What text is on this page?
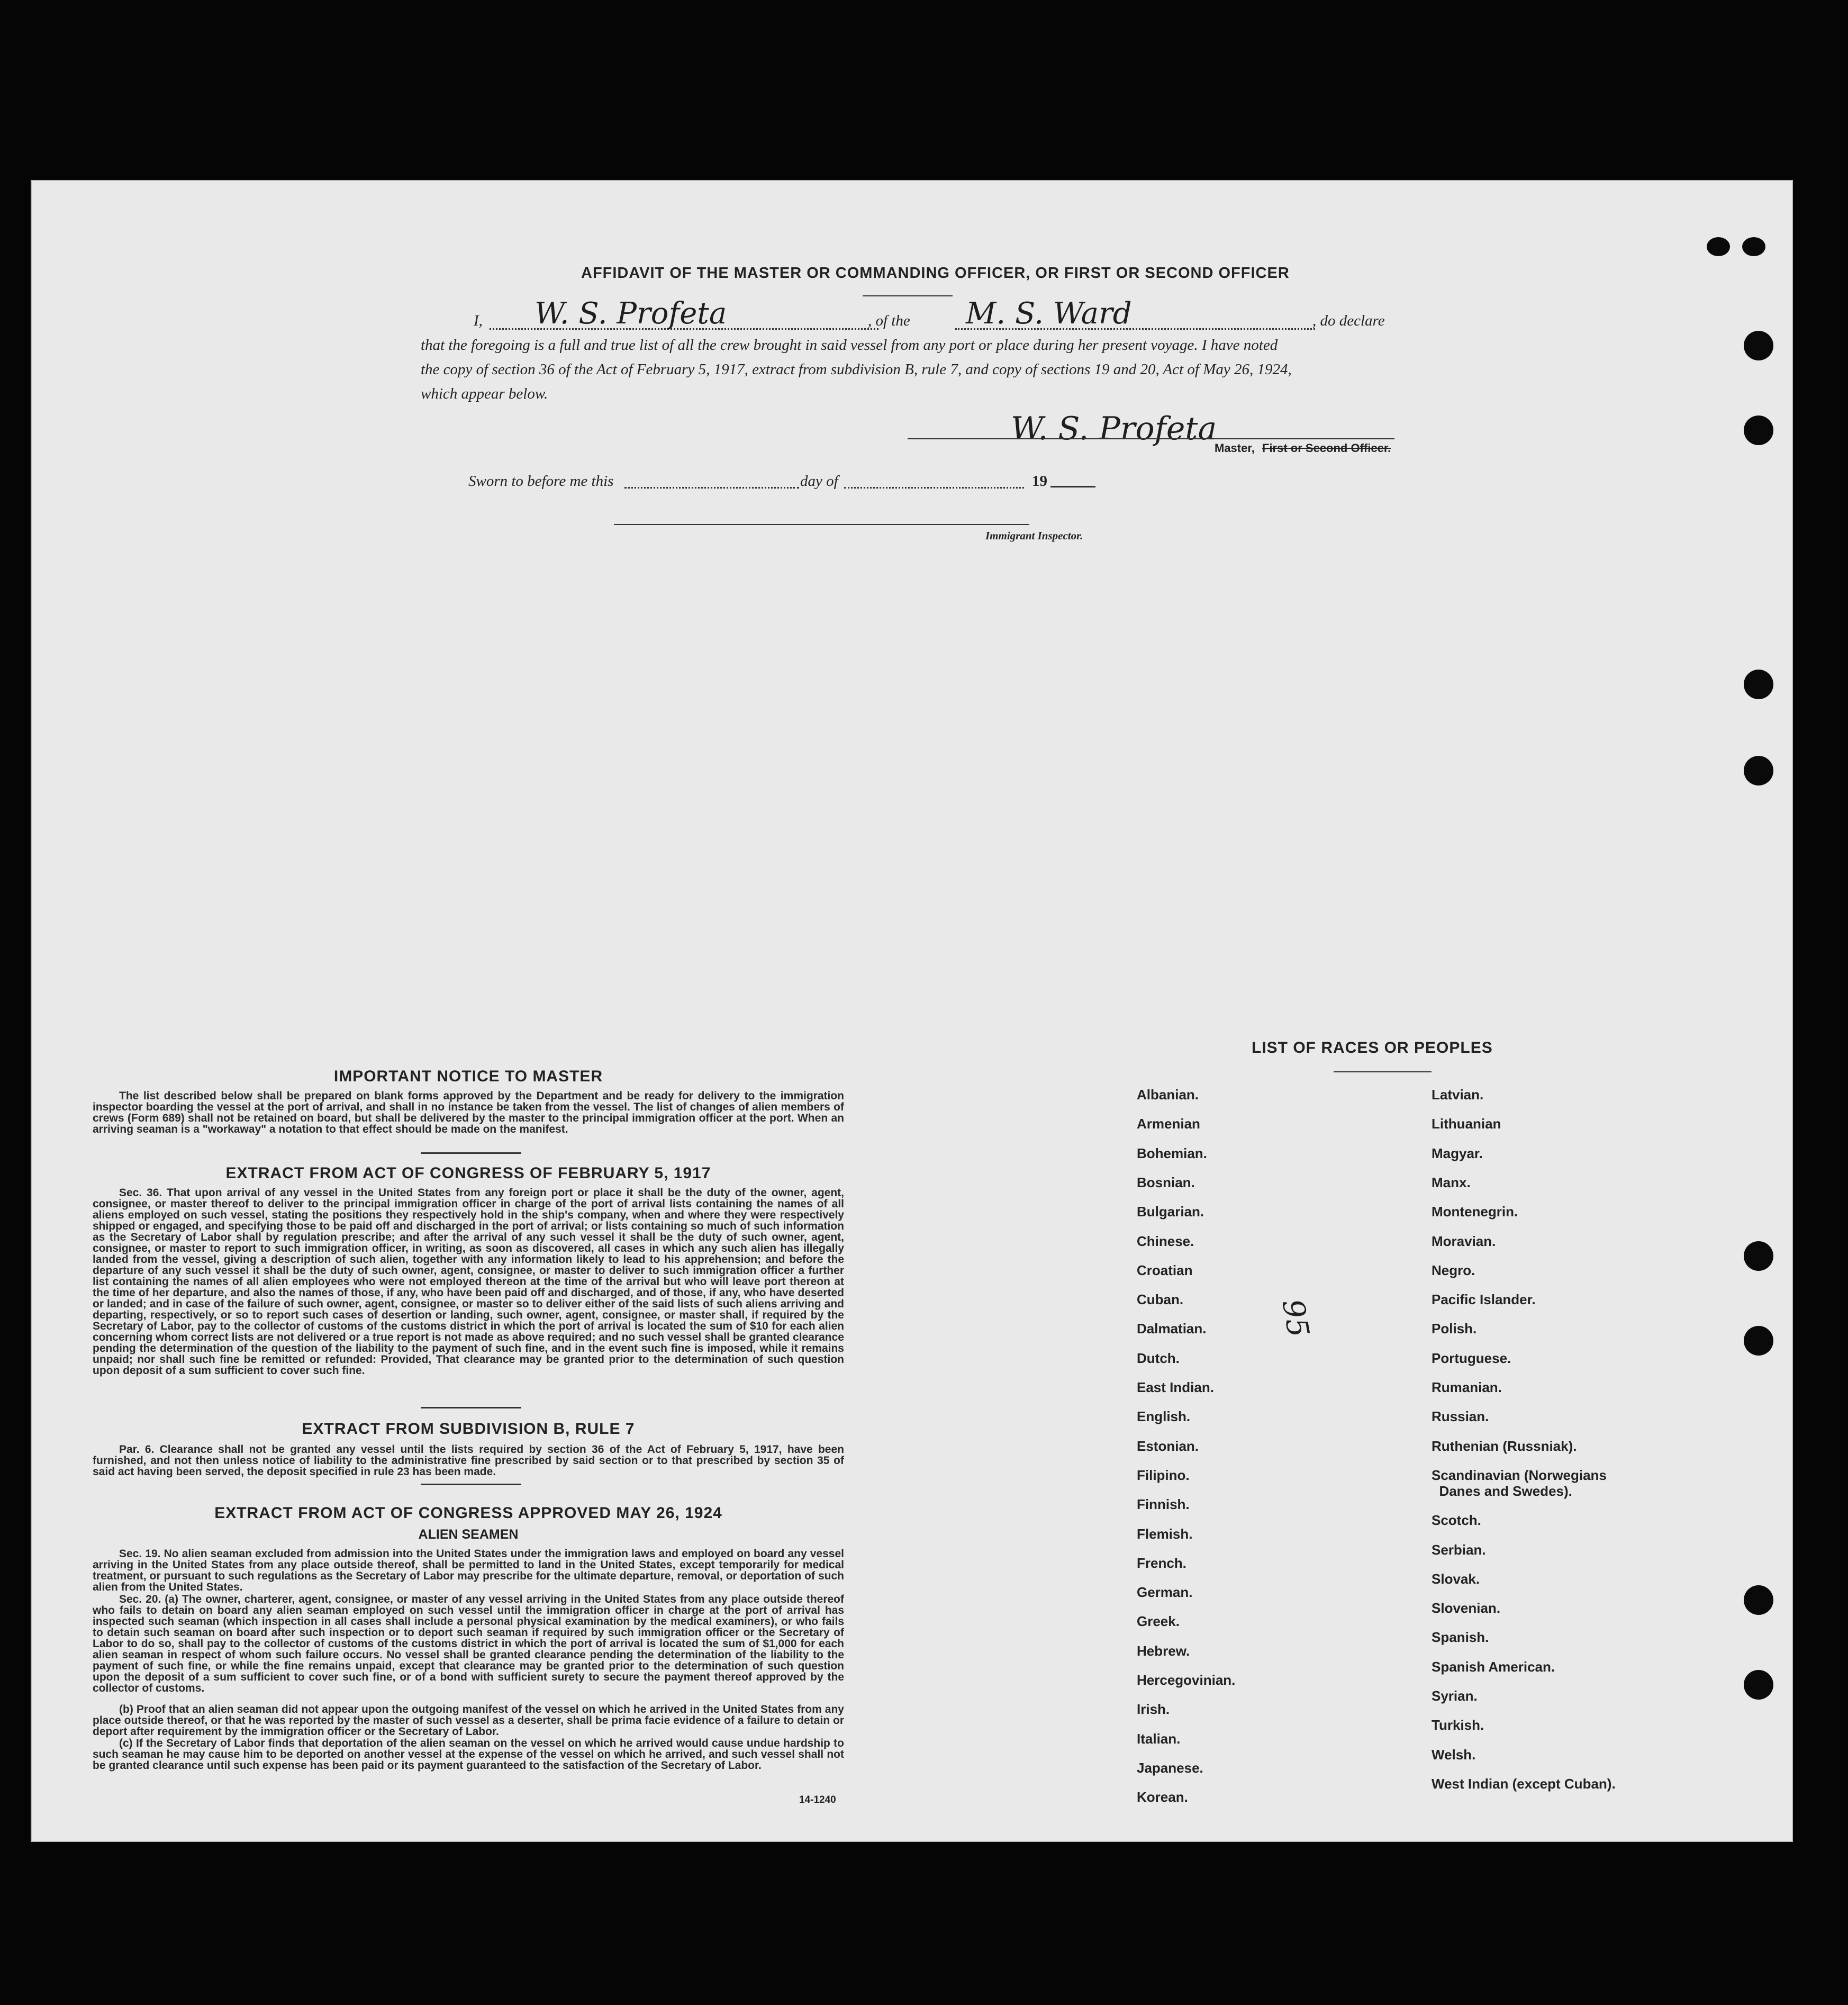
AFFIDAVIT OF THE MASTER OR COMMANDING OFFICER, OR FIRST OR SECOND OFFICER
I, W. S. Profeta	, of the M. S. Ward	, do declare
that the foregoing is a full and true list of all the crew brought in said vessel from any port or place during her present voyage. I have noted
the copy of section 36 of the Act of February 5, 1917, extract from subdivision B, rule 7, and copy of sections 19 and 20, Act of May 26, 1924,
which appear below.
W. S. Profeta
Master, First or Second Officer.
Sworn to before me this	day of	19
Immigrant Inspector.
IMPORTANT NOTICE TO MASTER
The list described below shall be prepared on blank forms approved by the Department and be ready for delivery to the immigration inspector boarding the vessel at the port of arrival, and shall in no instance be taken from the vessel. The list of changes of alien members of crews (Form 689) shall not be retained on board, but shall be delivered by the master to the principal immigration officer at the port. When an arriving seaman is a "workaway" a notation to that effect should be made on the manifest.
EXTRACT FROM ACT OF CONGRESS OF FEBRUARY 5, 1917
Sec. 36. That upon arrival of any vessel in the United States from any foreign port or place it shall be the duty of the owner, agent, consignee, or master thereof to deliver to the principal immigration officer in charge of the port of arrival lists containing the names of all aliens employed on such vessel, stating the positions they respectively hold in the ship's company, when and where they were respectively shipped or engaged, and specifying those to be paid off and discharged in the port of arrival; or lists containing so much of such information as the Secretary of Labor shall by regulation prescribe; and after the arrival of any such vessel it shall be the duty of such owner, agent, consignee, or master to report to such immigration officer, in writing, as soon as discovered, all cases in which any such alien has illegally landed from the vessel, giving a description of such alien, together with any information likely to lead to his apprehension; and before the departure of any such vessel it shall be the duty of such owner, agent, consignee, or master to deliver to such immigration officer a further list containing the names of all alien employees who were not employed thereon at the time of the arrival but who will leave port thereon at the time of her departure, and also the names of those, if any, who have been paid off and discharged, and of those, if any, who have deserted or landed; and in case of the failure of such owner, agent, consignee, or master so to deliver either of the said lists of such aliens arriving and departing, respectively, or so to report such cases of desertion or landing, such owner, agent, consignee, or master shall, if required by the Secretary of Labor, pay to the collector of customs of the customs district in which the port of arrival is located the sum of $10 for each alien concerning whom correct lists are not delivered or a true report is not made as above required; and no such vessel shall be granted clearance pending the determination of the question of the liability to the payment of such fine, and in the event such fine is imposed, while it remains unpaid; nor shall such fine be remitted or refunded: Provided, That clearance may be granted prior to the determination of such question upon deposit of a sum sufficient to cover such fine.
EXTRACT FROM SUBDIVISION B, RULE 7
Par. 6. Clearance shall not be granted any vessel until the lists required by section 36 of the Act of February 5, 1917, have been furnished, and not then unless notice of liability to the administrative fine prescribed by said section or to that prescribed by section 35 of said act having been served, the deposit specified in rule 23 has been made.
EXTRACT FROM ACT OF CONGRESS APPROVED MAY 26, 1924
ALIEN SEAMEN
Sec. 19. No alien seaman excluded from admission into the United States under the immigration laws and employed on board any vessel arriving in the United States from any place outside thereof, shall be permitted to land in the United States, except temporarily for medical treatment, or pursuant to such regulations as the Secretary of Labor may prescribe for the ultimate departure, removal, or deportation of such alien from the United States.
Sec. 20. (a) The owner, charterer, agent, consignee, or master of any vessel arriving in the United States from any place outside thereof who fails to detain on board any alien seaman employed on such vessel until the immigration officer in charge at the port of arrival has inspected such seaman (which inspection in all cases shall include a personal physical examination by the medical examiners), or who fails to detain such seaman on board after such inspection or to deport such seaman if required by such immigration officer or the Secretary of Labor to do so, shall pay to the collector of customs of the customs district in which the port of arrival is located the sum of $1,000 for each alien seaman in respect of whom such failure occurs. No vessel shall be granted clearance pending the determination of the liability to the payment of such fine, or while the fine remains unpaid, except that clearance may be granted prior to the determination of such question upon the deposit of a sum sufficient to cover such fine, or of a bond with sufficient surety to secure the payment thereof approved by the collector of customs.
(b) Proof that an alien seaman did not appear upon the outgoing manifest of the vessel on which he arrived in the United States from any place outside thereof, or that he was reported by the master of such vessel as a deserter, shall be prima facie evidence of a failure to detain or deport after requirement by the immigration officer or the Secretary of Labor.
(c) If the Secretary of Labor finds that deportation of the alien seaman on the vessel on which he arrived would cause undue hardship to such seaman he may cause him to be deported on another vessel at the expense of the vessel on which he arrived, and such vessel shall not be granted clearance until such expense has been paid or its payment guaranteed to the satisfaction of the Secretary of Labor.
14-1240
LIST OF RACES OR PEOPLES
Albanian.
Armenian
Bohemian.
Bosnian.
Bulgarian.
Chinese.
Croatian
Cuban.
Dalmatian.
Dutch.
East Indian.
English.
Estonian.
Filipino.
Finnish.
Flemish.
French.
German.
Greek.
Hebrew.
Hercegovinian.
Irish.
Italian.
Japanese.
Korean.
Latvian.
Lithuanian
Magyar.
Manx.
Montenegrin.
Moravian.
Negro.
Pacific Islander.
Polish.
Portuguese.
Rumanian.
Russian.
Ruthenian (Russniak).
Scandinavian (Norwegians
Danes and Swedes).
Scotch.
Serbian.
Slovak.
Slovenian.
Spanish.
Spanish American.
Syrian.
Turkish.
Welsh.
West Indian (except Cuban).
95
